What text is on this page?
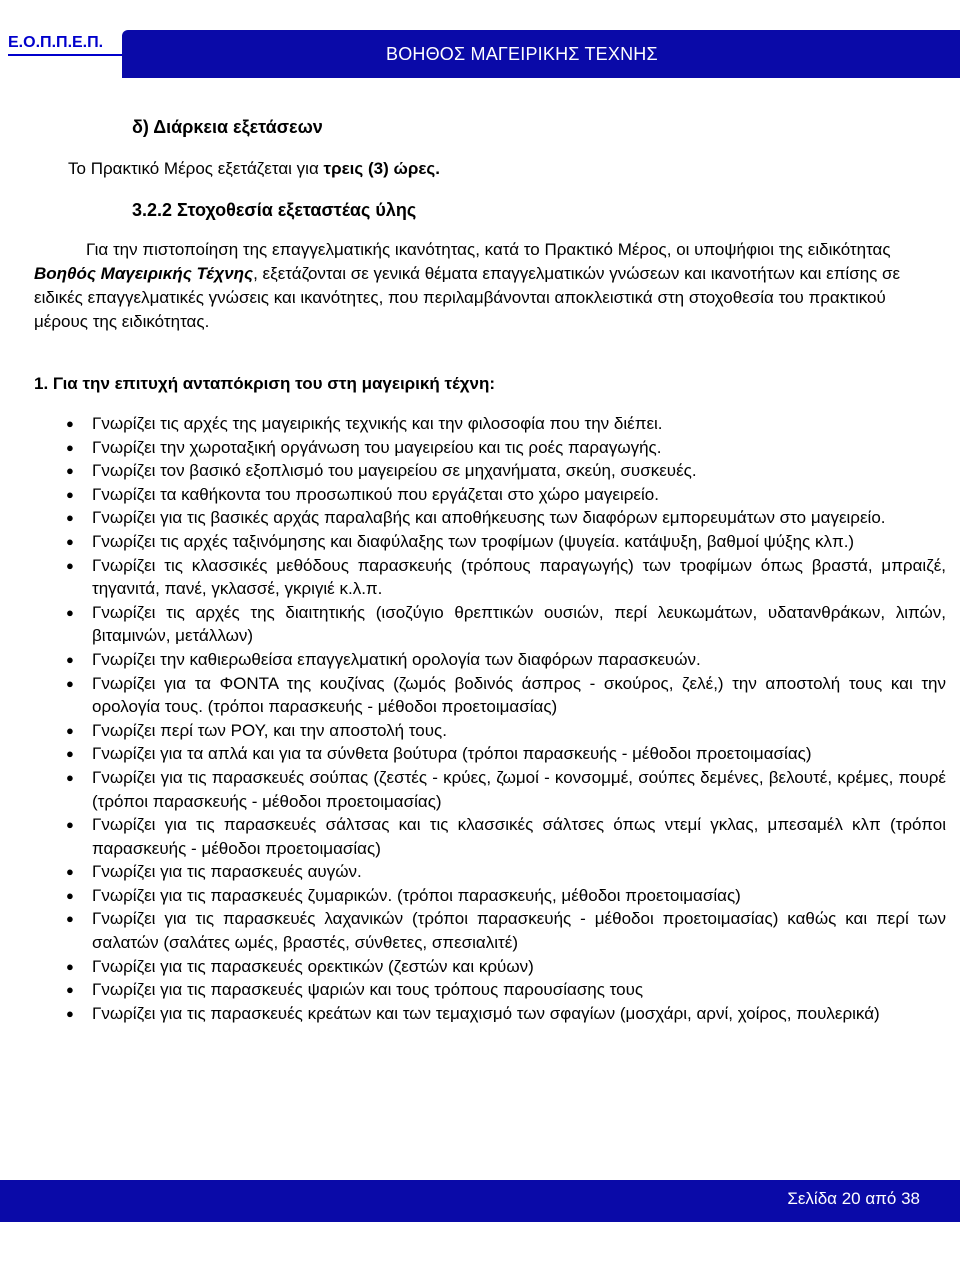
Ε.Ο.Π.Π.Ε.Π.
ΒΟΗΘΟΣ ΜΑΓΕΙΡΙΚΗΣ ΤΕΧΝΗΣ
δ) Διάρκεια εξετάσεων
Το Πρακτικό Μέρος εξετάζεται για τρεις (3) ώρες.
3.2.2 Στοχοθεσία εξεταστέας ύλης

Για την πιστοποίηση της επαγγελματικής ικανότητας, κατά το Πρακτικό Μέρος, οι υποψήφιοι της ειδικότητας Βοηθός Μαγειρικής Τέχνης, εξετάζονται σε γενικά θέματα επαγγελματικών γνώσεων και ικανοτήτων και επίσης σε ειδικές επαγγελματικές γνώσεις και ικανότητες, που περιλαμβάνονται αποκλειστικά στη στοχοθεσία του πρακτικού μέρους της ειδικότητας.

1. Για την επιτυχή ανταπόκριση του στη μαγειρική τέχνη:
● Γνωρίζει τις αρχές της μαγειρικής τεχνικής και την φιλοσοφία που την διέπει.
● Γνωρίζει την χωροταξική οργάνωση του μαγειρείου και τις ροές παραγωγής.
● Γνωρίζει τον βασικό εξοπλισμό του μαγειρείου σε μηχανήματα, σκεύη, συσκευές.
● Γνωρίζει τα καθήκοντα του προσωπικού που εργάζεται στο χώρο μαγειρείο.
● Γνωρίζει για τις βασικές αρχάς παραλαβής και αποθήκευσης των διαφόρων εμπορευμάτων στο μαγειρείο.
● Γνωρίζει τις αρχές ταξινόμησης και διαφύλαξης των τροφίμων (ψυγεία. κατάψυξη, βαθμοί ψύξης κλπ.)
● Γνωρίζει τις κλασσικές μεθόδους παρασκευής (τρόπους παραγωγής) των τροφίμων όπως βραστά, μπραιζέ, τηγανιτά, πανέ, γκλασσέ, γκριγιέ κ.λ.π.
● Γνωρίζει τις αρχές της διαιτητικής (ισοζύγιο θρεπτικών ουσιών, περί λευκωμάτων, υδατανθράκων, λιπών, βιταμινών, μετάλλων)
● Γνωρίζει την καθιερωθείσα επαγγελματική ορολογία των διαφόρων παρασκευών.
● Γνωρίζει για τα ΦΟΝΤΑ της κουζίνας (ζωμός βοδινός άσπρος - σκούρος, ζελέ,) την αποστολή τους και την ορολογία τους. (τρόποι παρασκευής - μέθοδοι προετοιμασίας)
● Γνωρίζει περί των ΡΟΥ, και την αποστολή τους.
● Γνωρίζει για τα απλά και για τα σύνθετα βούτυρα (τρόποι παρασκευής - μέθοδοι προετοιμασίας)
● Γνωρίζει για τις παρασκευές σούπας (ζεστές - κρύες, ζωμοί - κονσομμέ, σούπες δεμένες, βελουτέ, κρέμες, πουρέ (τρόποι παρασκευής - μέθοδοι προετοιμασίας)
● Γνωρίζει για τις παρασκευές σάλτσας και τις κλασσικές σάλτσες όπως ντεμί γκλας, μπεσαμέλ κλπ (τρόποι παρασκευής - μέθοδοι προετοιμασίας)
● Γνωρίζει για τις παρασκευές αυγών.
● Γνωρίζει για τις παρασκευές ζυμαρικών. (τρόποι παρασκευής, μέθοδοι προετοιμασίας)
● Γνωρίζει για τις παρασκευές λαχανικών (τρόποι παρασκευής - μέθοδοι προετοιμασίας) καθώς και περί των σαλατών (σαλάτες ωμές, βραστές, σύνθετες, σπεσιαλιτέ)
● Γνωρίζει για τις παρασκευές ορεκτικών (ζεστών και κρύων)
● Γνωρίζει για τις παρασκευές ψαριών και τους τρόπους παρουσίασης τους
● Γνωρίζει για τις παρασκευές κρεάτων και των τεμαχισμό των σφαγίων (μοσχάρι, αρνί, χοίρος, πουλερικά)
Σελίδα 20 από 38
